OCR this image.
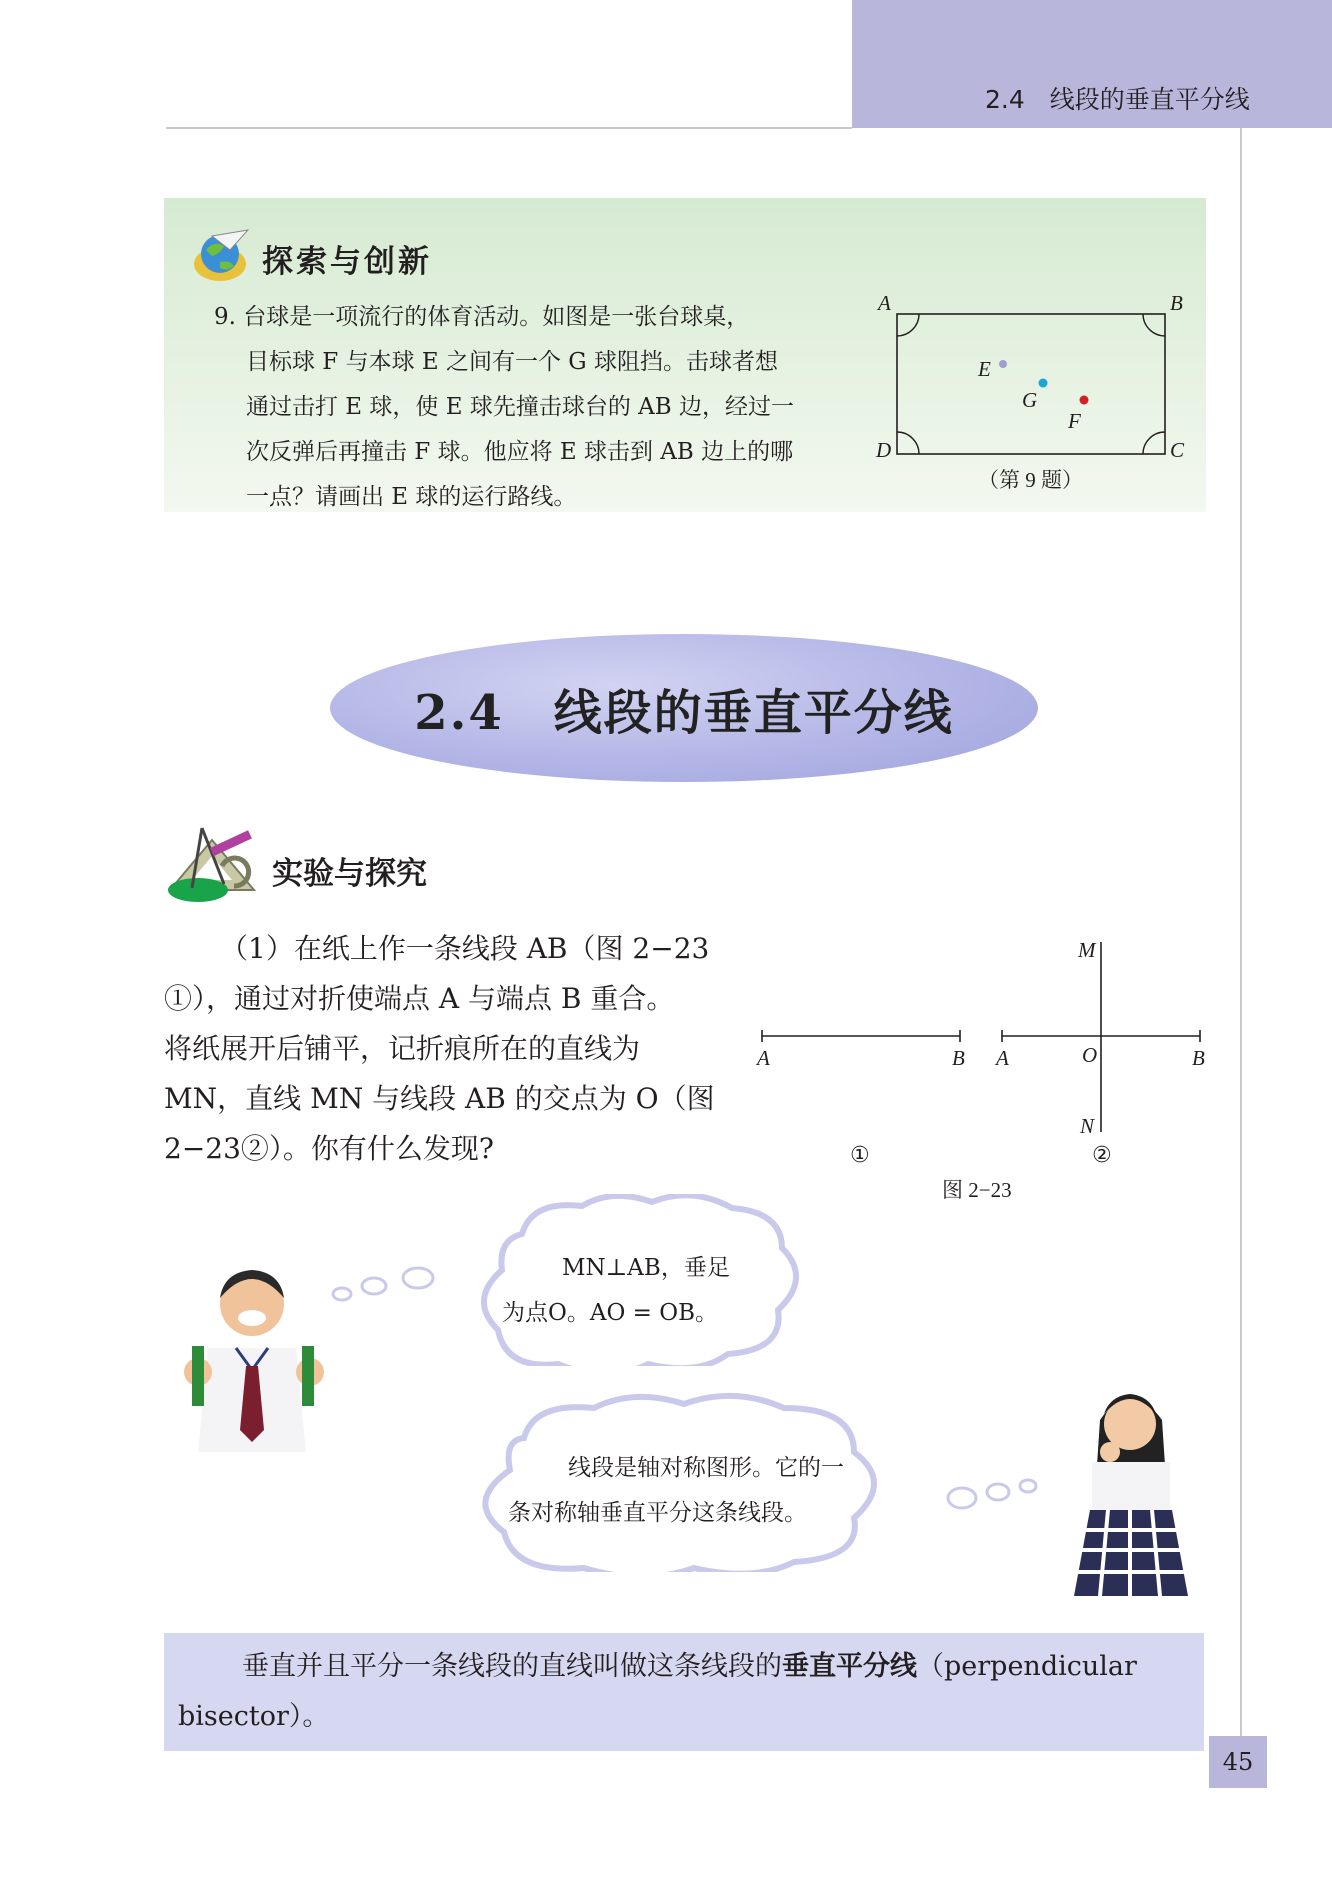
2.4　线段的垂直平分线
探索与创新
9. 台球是一项流行的体育活动。如图是一张台球桌，
目标球 F 与本球 E 之间有一个 G 球阻挡。击球者想
通过击打 E 球，使 E 球先撞击球台的 AB 边，经过一
次反弹后再撞击 F 球。他应将 E 球击到 AB 边上的哪
一点？请画出 E 球的运行路线。
A	B
C
D
E
G
F
（第 9 题）
2.4　线段的垂直平分线
实验与探究
（1）在纸上作一条线段 AB（图 2−23
①），通过对折使端点 A 与端点 B 重合。
将纸展开后铺平，记折痕所在的直线为
MN，直线 MN 与线段 AB 的交点为 O（图
2−23②）。你有什么发现?
A	B A	O	B
M
N
①	②
图 2−23
MN⊥AB，垂足
为点O。AO = OB。
线段是轴对称图形。它的一
条对称轴垂直平分这条线段。
垂直并且平分一条线段的直线叫做这条线段的垂直平分线（perpendicular
bisector）。
45
